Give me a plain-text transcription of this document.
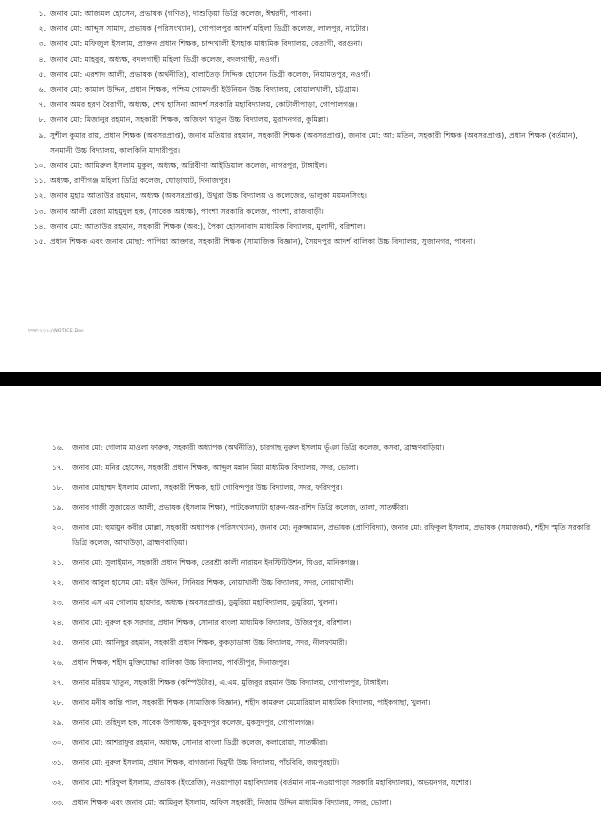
১. জনাব মো: আজমল হোসেন, প্রভাষক (গণিত), দাশুড়িয়া ডিগ্রি কলেজ, ঈশ্বরদী, পাবনা।
২. জনাব মো: আব্দুস সামাদ, প্রভাষক (পরিসংখ্যান), গোপালপুর আদর্শ মহিলা ডিগ্রী কলেজ, লালপুর, নাটোর।
৩. জনাব মো: মফিজুল ইসলাম, প্রাক্তন প্রধান শিক্ষক, চান্দখালী ইসহাক মাধ্যমিক বিদ্যালয়, বেতাগী, বরগুনা।
৪. জনাব মো: মাহবুব, অধ্যক্ষ, বদলগাছী মহিলা ডিগ্রী কলেজ, বদলগাছী, নওগাঁ।
৫. জনাব মো: এরশাদ আলী, প্রভাষক (অর্থনীতি), বালাতৈড় সিদ্দিক হোসেন ডিগ্রী কলেজ, নিয়ামতপুর, নওগাঁ।
৬. জনাব মো: কামাল উদ্দিন, প্রধান শিক্ষক, পশ্চিম গোমদণ্ডী ইউনিয়ন উচ্চ বিদ্যালয়, বোয়ালখালী, চট্টগ্রাম।
৭. জনাব অমর হরণ বৈরাগী, অধ্যক্ষ, শেখ হাসিনা আদর্শ সরকারি মহাবিদ্যালয়, কোটালীপাড়া, গোপালগঞ্জ।
৮. জনাব মো: মিজানুর রহমান, সহকারী শিক্ষক, অজিফা খাতুন উচ্চ বিদ্যালয়, মুরাদনগর, কুমিল্লা।
৯. সুশীল কুমার রায়, প্রধান শিক্ষক (অবসরপ্রাপ্ত), জনাব মতিয়ার রহমান, সহকারী শিক্ষক (অবসরপ্রাপ্ত), জনাব মো: আ: মতিন, সহকারী শিক্ষক (অবসরপ্রাপ্ত), প্রধান শিক্ষক (বর্তমান), সনমানী উচ্চ বিদ্যালয়, কালকিনি মাদারীপুর।
১০. জনাব মো: আমিরুল ইসলাম মুকুল, অধ্যক্ষ, অগ্নিবীণা আইডিয়াল কলেজ, নাগরপুর, টাঙ্গাইল।
১১. অধ্যক্ষ, রাণীগঞ্জ মহিলা ডিগ্রি কলেজ, ঘোড়াঘাট, দিনাজপুর।
১২. জনাব মুহাঃ আতাউর রহমান, অধ্যক্ষ (অবসরপ্রাপ্ত), উথুরা উচ্চ বিদ্যালয় ও কলেজের, ভালুকা ময়মনসিংহ।
১৩. জনাব আলী রেজা মাহমুদুল হক, (সাবেক অধ্যক্ষ), পাংশা সরকারি কলেজ, পাংশা, রাজবাড়ী।
১৪. জনাব মো: আতাউর রহমান, সহকারী শিক্ষক (অব:), পৈকা হোসনাবাদ মাধ্যমিক বিদ্যালয়, মুলাদী, বরিশাল।
১৫. প্রধান শিক্ষক এবং জনাব মোছা: পাপিয়া আক্তার, সহকারী শিক্ষক (সামাজিক বিজ্ঞান), সৈয়দপুর আদর্শ বালিকা উচ্চ বিদ্যালয়, সুজানগর, পাবনা।
\সভা-২০২৫\NOTICE.Doc
১৬.	জনাব মো: গোলাম মাওলা ফারুক, সহকারী অধ্যাপক (অর্থনীতি), চারগাছ নুরুল ইসলাম ভূঁঞা ডিগ্রি কলেজ, কসবা, ব্রাহ্মণবাড়িয়া।
১৭.	জনাব মো: মনির হোসেন, সহকারী প্রধান শিক্ষক, আব্দুল মন্নান মিয়া মাধ্যমিক বিদ্যালয়, সদর, ভোলা।
১৮.	জনাব মোহাম্মদ ইসলাম মোল্যা, সহকারী শিক্ষক, হাট গোবিন্দপুর উচ্চ বিদ্যালয়, সদর, ফরিদপুর।
১৯.	জনাব গাজী সুজায়েত আলী, প্রভাষক (ইসলাম শিক্ষা), পাটকেলঘাটা হারুন-অর-রশিদ ডিগ্রি কলেজ, তালা, সাতক্ষীরা।
২০.	জনাব মো: হুমায়ুন কবীর মোল্লা, সহকারী অধ্যাপক (পরিসংখ্যান), জনাব মো: নূরুজ্জামান, প্রভাষক (প্রাণিবিদ্যা), জনাব মো: রফিকুল ইসলাম, প্রভাষক (সমাজকর্ম), শহীদ স্মৃতি সরকারি ডিগ্রি কলেজ, আখাউড়া, ব্রাহ্মণবাড়িয়া।
২১.	জনাব মো: সুলাইমান, সহকারী প্রধান শিক্ষক, তেরশ্রী কালী নারায়ন ইনস্টিটিউশন, ঘিওর, মানিকগঞ্জ।
২২.	জনাব আবুল হাসেম মো: মইন উদ্দিন, সিনিয়র শিক্ষক, নোয়াখালী উচ্চ বিদ্যালয়, সদর, নোয়াখালী।
২৩.	জনাব এস এম গোলাম হায়দার, অধ্যক্ষ (অবসরপ্রাপ্ত), ডুমুরিয়া মহাবিদ্যালয়, ডুমুরিয়া, খুলনা।
২৪.	জনাব মো: নুরুল হক সরদার, প্রধান শিক্ষক, সোনার বাংলা মাধ্যমিক বিদ্যালয়, উজিরপুর, বরিশাল।
২৫.	জনাব মো: আনিছুর রহমান, সহকারী প্রধান শিক্ষক, কুকড়াডাঙ্গা উচ্চ বিদ্যালয়, সদর, নীলফামারী।
২৬.	প্রধান শিক্ষক, শহীদ মুক্তিযোদ্ধা বালিকা উচ্চ বিদ্যালয়, পার্বতীপুর, দিনাজপুর।
২৭.	জনাব মরিয়ম খাতুন, সহকারী শিক্ষক (কম্পিউটার), এ.এম. মুজিবুর রহমান উচ্চ বিদ্যালয়, গোপালপুর, টাঙ্গাইল।
২৮.	জনাব মনীষ কান্তি পাল, সহকারী শিক্ষক (সামাজিক বিজ্ঞান), শহীদ কামরুল মেমোরিয়াল মাধ্যমিক বিদ্যালয়, পাইকগাছা, খুলনা।
২৯.	জনাব মো: তহিদুল হক, সাবেক উপাধ্যক্ষ, মুকসুদপুর কলেজ, মুকসুদপুর, গোপালগঞ্জ।
৩০.	জনাব মো: আশরাফুর রহমান, অধ্যক্ষ, সোনার বাংলা ডিগ্রী কলেজ, কলারোয়া, সাতক্ষীরা।
৩১.	জনাব মো: নুরুল ইসলাম, প্রধান শিক্ষক, বাগজানা দ্বিমুখী উচ্চ বিদ্যালয়, পাঁচবিবি, জয়পুরহাট।
৩২.	জনাব মো: শরিফুল ইসলাম, প্রভাষক (ইংরেজি), নওয়াপাড়া মহাবিদ্যালয় (বর্তমান নাম-নওয়াপাড়া সরকারি মহাবিদ্যালয়), অভয়নগর, যশোর।
৩৩.	প্রধান শিক্ষক এবং জনাব মো: আমিনুল ইসলাম, অফিস সহকারী, নিজাম উদ্দিন মাধ্যমিক বিদ্যালয়, সদর, ভোলা।
